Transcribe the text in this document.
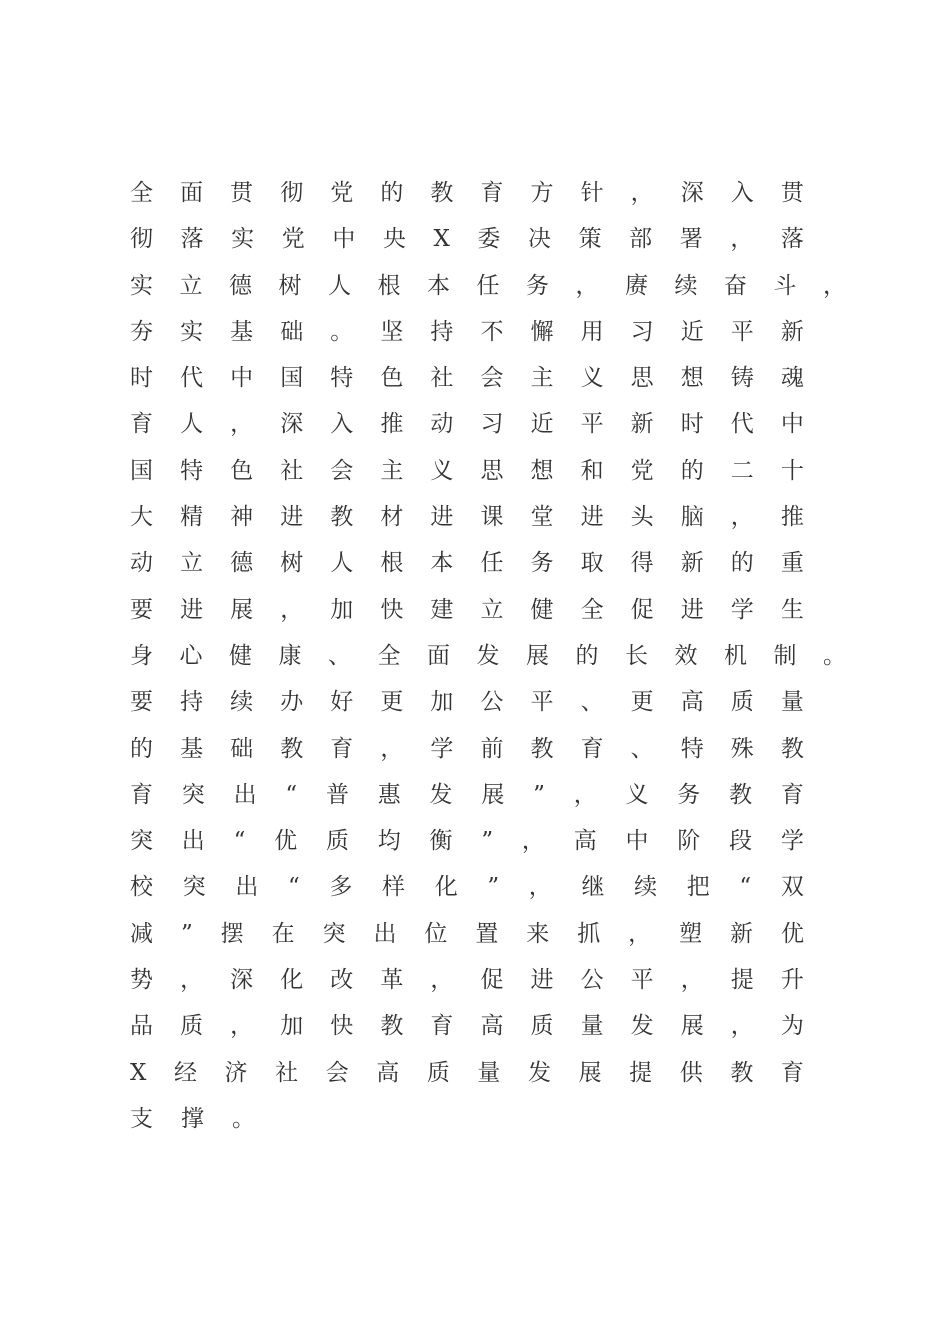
全 面 贯 彻 党 的 教 育 方 针 ， 深 入 贯
彻 落 实 党 中 央 X 委 决 策 部 署 ， 落
实 立 德 树 人 根 本 任 务 ， 赓 续 奋 斗 ，
夯 实 基 础 。 坚 持 不 懈 用 习 近 平 新
时 代 中 国 特 色 社 会 主 义 思 想 铸 魂
育 人 ， 深 入 推 动 习 近 平 新 时 代 中
国 特 色 社 会 主 义 思 想 和 党 的 二 十
大 精 神 进 教 材 进 课 堂 进 头 脑 ， 推
动 立 德 树 人 根 本 任 务 取 得 新 的 重
要 进 展 ， 加 快 建 立 健 全 促 进 学 生
身 心 健 康 、 全 面 发 展 的 长 效 机 制 。
要 持 续 办 好 更 加 公 平 、 更 高 质 量
的 基 础 教 育 ， 学 前 教 育 、 特 殊 教
育 突 出 “ 普 惠 发 展 ” ， 义 务 教 育
突 出 “ 优 质 均 衡 ” ， 高 中 阶 段 学
校 突 出 “ 多 样 化 ” ， 继 续 把 “ 双
减 ” 摆 在 突 出 位 置 来 抓 ， 塑 新 优
势 ， 深 化 改 革 ， 促 进 公 平 ， 提 升
品 质 ， 加 快 教 育 高 质 量 发 展 ， 为
X 经 济 社 会 高 质 量 发 展 提 供 教 育
支撑。
